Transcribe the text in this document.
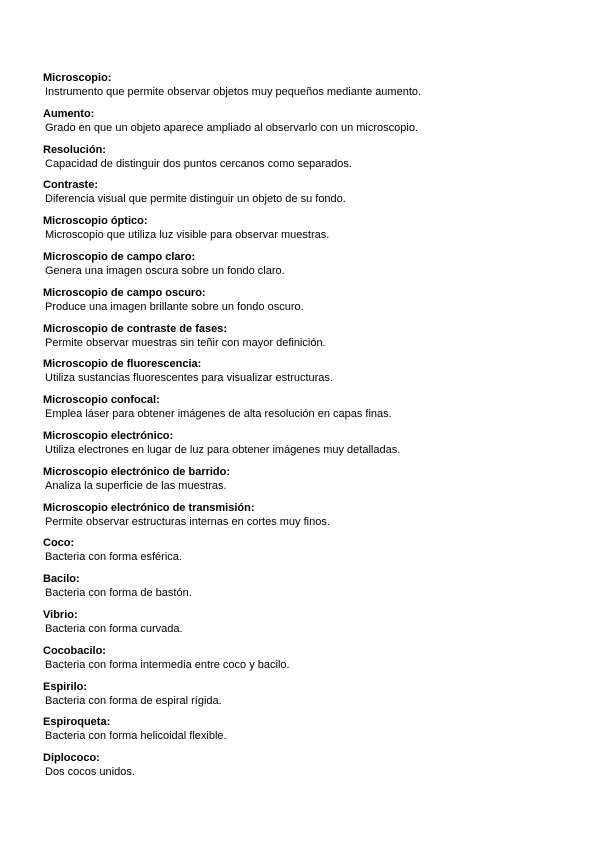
Microscopio:
Instrumento que permite observar objetos muy pequeños mediante aumento.
Aumento:
Grado en que un objeto aparece ampliado al observarlo con un microscopio.
Resolución:
Capacidad de distinguir dos puntos cercanos como separados.
Contraste:
Diferencia visual que permite distinguir un objeto de su fondo.
Microscopio óptico:
Microscopio que utiliza luz visible para observar muestras.
Microscopio de campo claro:
Genera una imagen oscura sobre un fondo claro.
Microscopio de campo oscuro:
Produce una imagen brillante sobre un fondo oscuro.
Microscopio de contraste de fases:
Permite observar muestras sin teñir con mayor definición.
Microscopio de fluorescencia:
Utiliza sustancias fluorescentes para visualizar estructuras.
Microscopio confocal:
Emplea láser para obtener imágenes de alta resolución en capas finas.
Microscopio electrónico:
Utiliza electrones en lugar de luz para obtener imágenes muy detalladas.
Microscopio electrónico de barrido:
Analiza la superficie de las muestras.
Microscopio electrónico de transmisión:
Permite observar estructuras internas en cortes muy finos.
Coco:
Bacteria con forma esférica.
Bacilo:
Bacteria con forma de bastón.
Vibrio:
Bacteria con forma curvada.
Cocobacilo:
Bacteria con forma intermedia entre coco y bacilo.
Espirilo:
Bacteria con forma de espiral rígida.
Espiroqueta:
Bacteria con forma helicoidal flexible.
Diplococo:
Dos cocos unidos.
